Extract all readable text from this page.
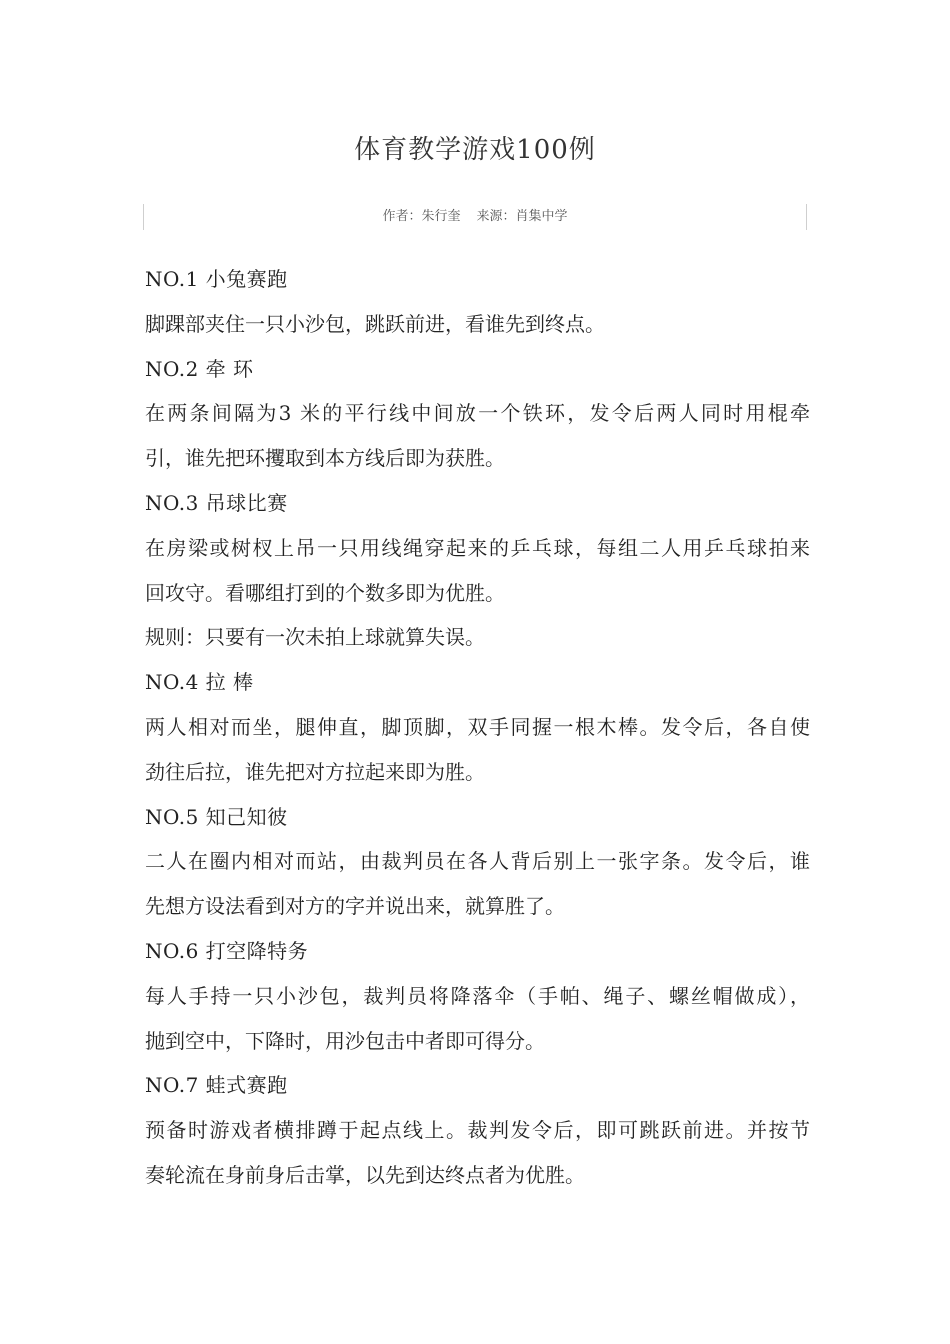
体育教学游戏100例
作者：朱行奎 来源：肖集中学
NO.1 小兔赛跑
脚踝部夹住一只小沙包，跳跃前进，看谁先到终点。
NO.2 牵 环
在两条间隔为3 米的平行线中间放一个铁环，发令后两人同时用棍牵
引，谁先把环攫取到本方线后即为获胜。
NO.3 吊球比赛
在房梁或树杈上吊一只用线绳穿起来的乒乓球，每组二人用乒乓球拍来
回攻守。看哪组打到的个数多即为优胜。
规则：只要有一次未拍上球就算失误。
NO.4 拉 棒
两人相对而坐，腿伸直，脚顶脚，双手同握一根木棒。发令后，各自使
劲往后拉，谁先把对方拉起来即为胜。
NO.5 知己知彼
二人在圈内相对而站，由裁判员在各人背后别上一张字条。发令后，谁
先想方设法看到对方的字并说出来，就算胜了。
NO.6 打空降特务
每人手持一只小沙包，裁判员将降落伞（手帕、绳子、螺丝帽做成），
抛到空中，下降时，用沙包击中者即可得分。
NO.7 蛙式赛跑
预备时游戏者横排蹲于起点线上。裁判发令后，即可跳跃前进。并按节
奏轮流在身前身后击掌，以先到达终点者为优胜。
